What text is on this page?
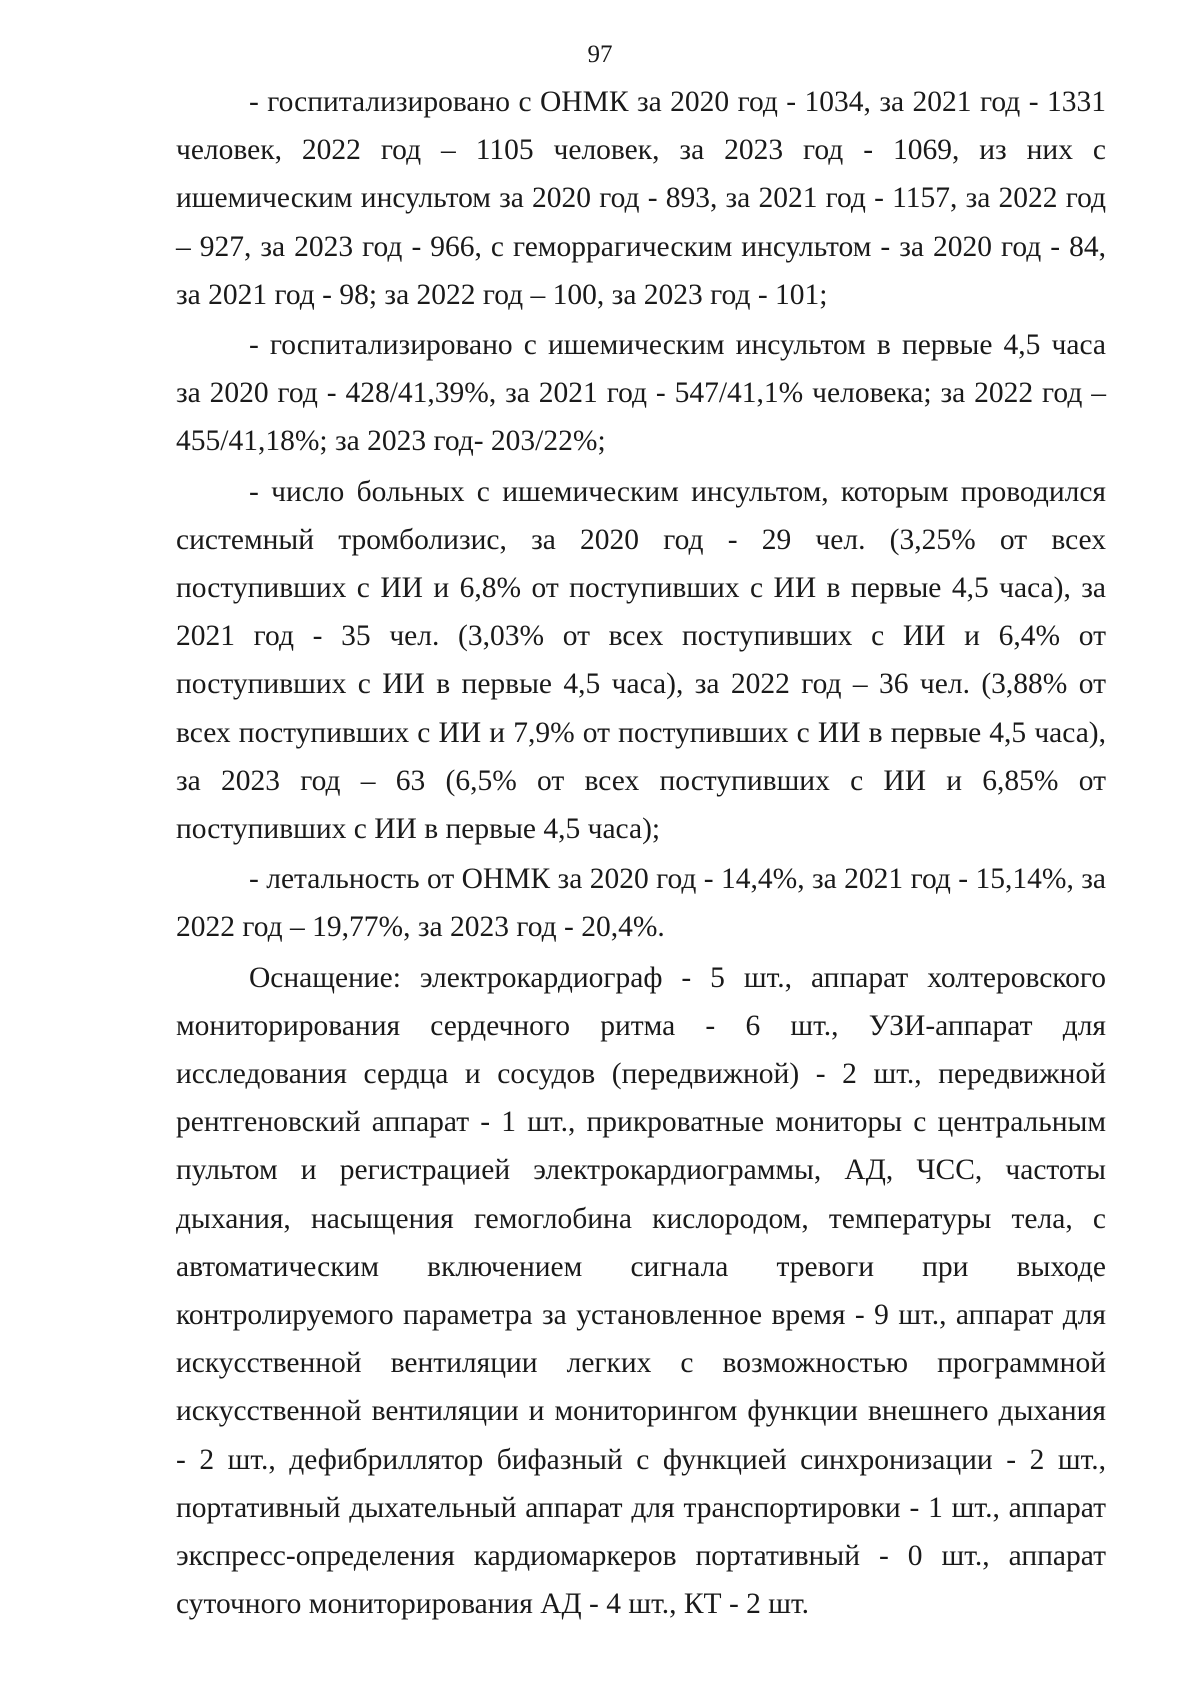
97

- госпитализировано с ОНМК за 2020 год - 1034, за 2021 год - 1331 человек, 2022 год – 1105 человек, за 2023 год - 1069, из них с ишемическим инсультом за 2020 год - 893, за 2021 год - 1157, за 2022 год – 927, за 2023 год - 966, с геморрагическим инсультом - за 2020 год - 84, за 2021 год - 98; за 2022 год – 100, за 2023 год - 101;

- госпитализировано с ишемическим инсультом в первые 4,5 часа за 2020 год - 428/41,39%, за 2021 год - 547/41,1% человека; за 2022 год – 455/41,18%; за 2023 год- 203/22%;

- число больных с ишемическим инсультом, которым проводился системный тромболизис, за 2020 год - 29 чел. (3,25% от всех поступивших с ИИ и 6,8% от поступивших с ИИ в первые 4,5 часа), за 2021 год - 35 чел. (3,03% от всех поступивших с ИИ и 6,4% от поступивших с ИИ в первые 4,5 часа), за 2022 год – 36 чел. (3,88% от всех поступивших с ИИ и 7,9% от поступивших с ИИ в первые 4,5 часа), за 2023 год – 63 (6,5% от всех поступивших с ИИ и 6,85% от поступивших с ИИ в первые 4,5 часа);

- летальность от ОНМК за 2020 год - 14,4%, за 2021 год - 15,14%, за 2022 год – 19,77%, за 2023 год - 20,4%.

Оснащение: электрокардиограф - 5 шт., аппарат холтеровского мониторирования сердечного ритма - 6 шт., УЗИ-аппарат для исследования сердца и сосудов (передвижной) - 2 шт., передвижной рентгеновский аппарат - 1 шт., прикроватные мониторы с центральным пультом и регистрацией электрокардиограммы, АД, ЧСС, частоты дыхания, насыщения гемоглобина кислородом, температуры тела, с автоматическим включением сигнала тревоги при выходе контролируемого параметра за установленное время - 9 шт., аппарат для искусственной вентиляции легких с возможностью программной искусственной вентиляции и мониторингом функции внешнего дыхания - 2 шт., дефибриллятор бифазный с функцией синхронизации - 2 шт., портативный дыхательный аппарат для транспортировки - 1 шт., аппарат экспресс-определения кардиомаркеров портативный - 0 шт., аппарат суточного мониторирования АД - 4 шт., КТ - 2 шт.
